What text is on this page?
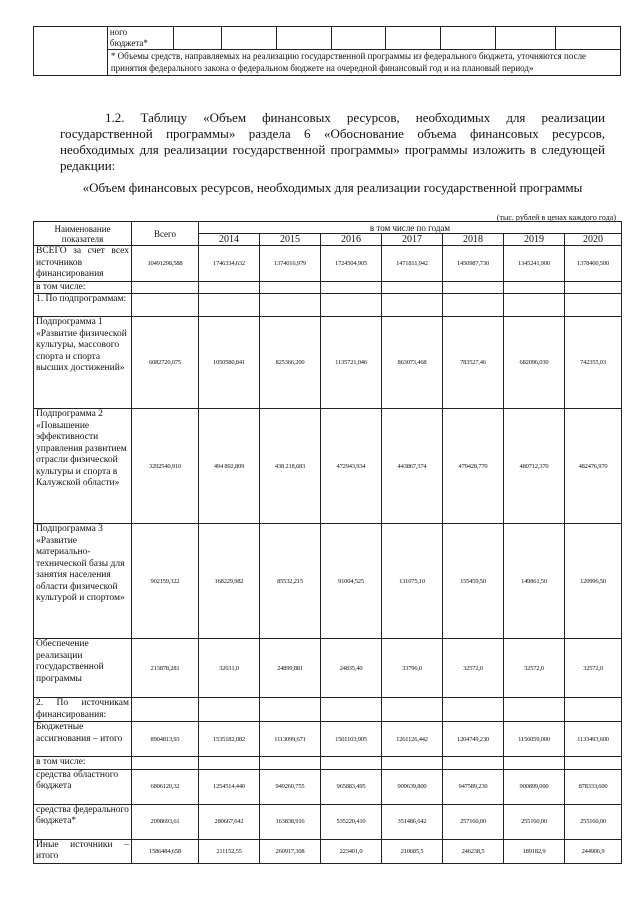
ного
бюджета*

* Объемы средств, направляемых на реализацию государственной программы из федерального бюджета, уточняются после принятия федерального закона о федеральном бюджете на очередной финансовый год и на плановый период»
1.2. Таблицу «Объем финансовых ресурсов, необходимых для реализации государственной программы» раздела 6 «Обоснование объема финансовых ресурсов, необходимых для реализации государственной программы» программы изложить в следующей редакции:
«Объем финансовых ресурсов, необходимых для реализации государственной программы
(тыс. рублей в ценах каждого года)
Наименование показателя	Всего	в том числе по годам						
		2014	2015	2016	2017	2018	2019	2020
ВСЕГО за счет всех источников финансирования	10491298,588	1746334,632	1374016,979	1724504,905	1471811,942	1450987,730	1345241,900	1378400,500
в том числе:								
1. По подпрограммам:								
Подпрограмма 1 «Развитие физической культуры, массового спорта и спорта высших достижений»	6082720,075	1050580,841	825366,200	1135721,046	863073,468	783527,46	682096,030	742355,03
Подпрограмма 2 «Повышение эффективности управления развитием отрасли физической культуры и спорта в Калужской области»	3292540,910	494 892,809	438 218,683	472943,934	443867,374	479428,770	480712,370	482476,970
Подпрограмма 3 «Развитие материально-технической базы для занятия населения области физической культурой и спортом»	902159,322	168229,982	85532,215	91004,525	131075,10	155459,50	149861,50	120996,50
Обеспечение реализации государственной программы	213878,281	32631,0	24899,881	24835,40	33796,0	32572,0	32572,0	32572,0
2. По источникам финансирования:								
Бюджетные ассигнования – итого	8904813,93	1535182,082	1113099,671	1501103,905	1261126,442	1204749,230	1156059,000	1133493,600
в том числе:								
средства областного бюджета	6806120,32	1254514,440	949260,755	965883,495	909639,800	947589,230	900899,000	878333,600
средства федерального бюджета*	2098693,61	280667,642	163838,916	535220,410	351486,642	257160,00	255160,00	255160,00
Иные источники – итого	1586484,658	211152,55	260917,308	223401,0	210685,5	246238,5	189182,9	244906,9
